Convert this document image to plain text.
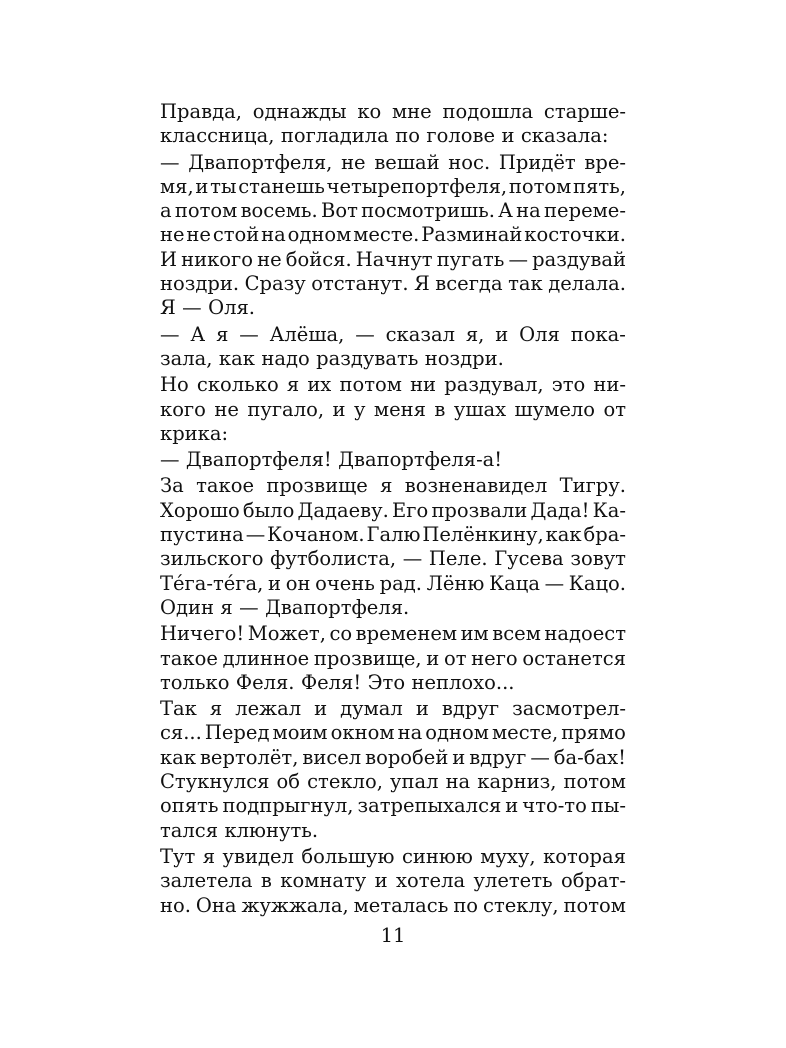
Правда, однажды ко мне подошла старше-
классница, погладила по голове и сказала:
— Двапортфеля, не вешай нос. Придёт вре-
мя, и ты станешь четырепортфеля, потом пять,
а потом восемь. Вот посмотришь. А на переме-
не не стой на одном месте. Разминай косточки.
И никого не бойся. Начнут пугать — раздувай
ноздри. Сразу отстанут. Я всегда так делала.
Я — Оля.
— А я — Алёша, — сказал я, и Оля пока-
зала, как надо раздувать ноздри.
Но сколько я их потом ни раздувал, это ни-
кого не пугало, и у меня в ушах шумело от
крика:
— Двапортфеля! Двапортфеля-а!
За такое прозвище я возненавидел Тигру.
Хорошо было Дадаеву. Его прозвали Дада! Ка-
пустина — Кочаном. Галю Пелёнкину, как бра-
зильского футболиста, — Пеле. Гусева зовут
Тéга-тéга, и он очень рад. Лёню Каца — Кацо.
Один я — Двапортфеля.
Ничего! Может, со временем им всем надоест
такое длинное прозвище, и от него останется
только Феля. Феля! Это неплохо...
Так я лежал и думал и вдруг засмотрел-
ся... Перед моим окном на одном месте, прямо
как вертолёт, висел воробей и вдруг — ба-бах!
Стукнулся об стекло, упал на карниз, потом
опять подпрыгнул, затрепыхался и что-то пы-
тался клюнуть.
Тут я увидел большую синюю муху, которая
залетела в комнату и хотела улететь обрат-
но. Она жужжала, металась по стеклу, потом
11
